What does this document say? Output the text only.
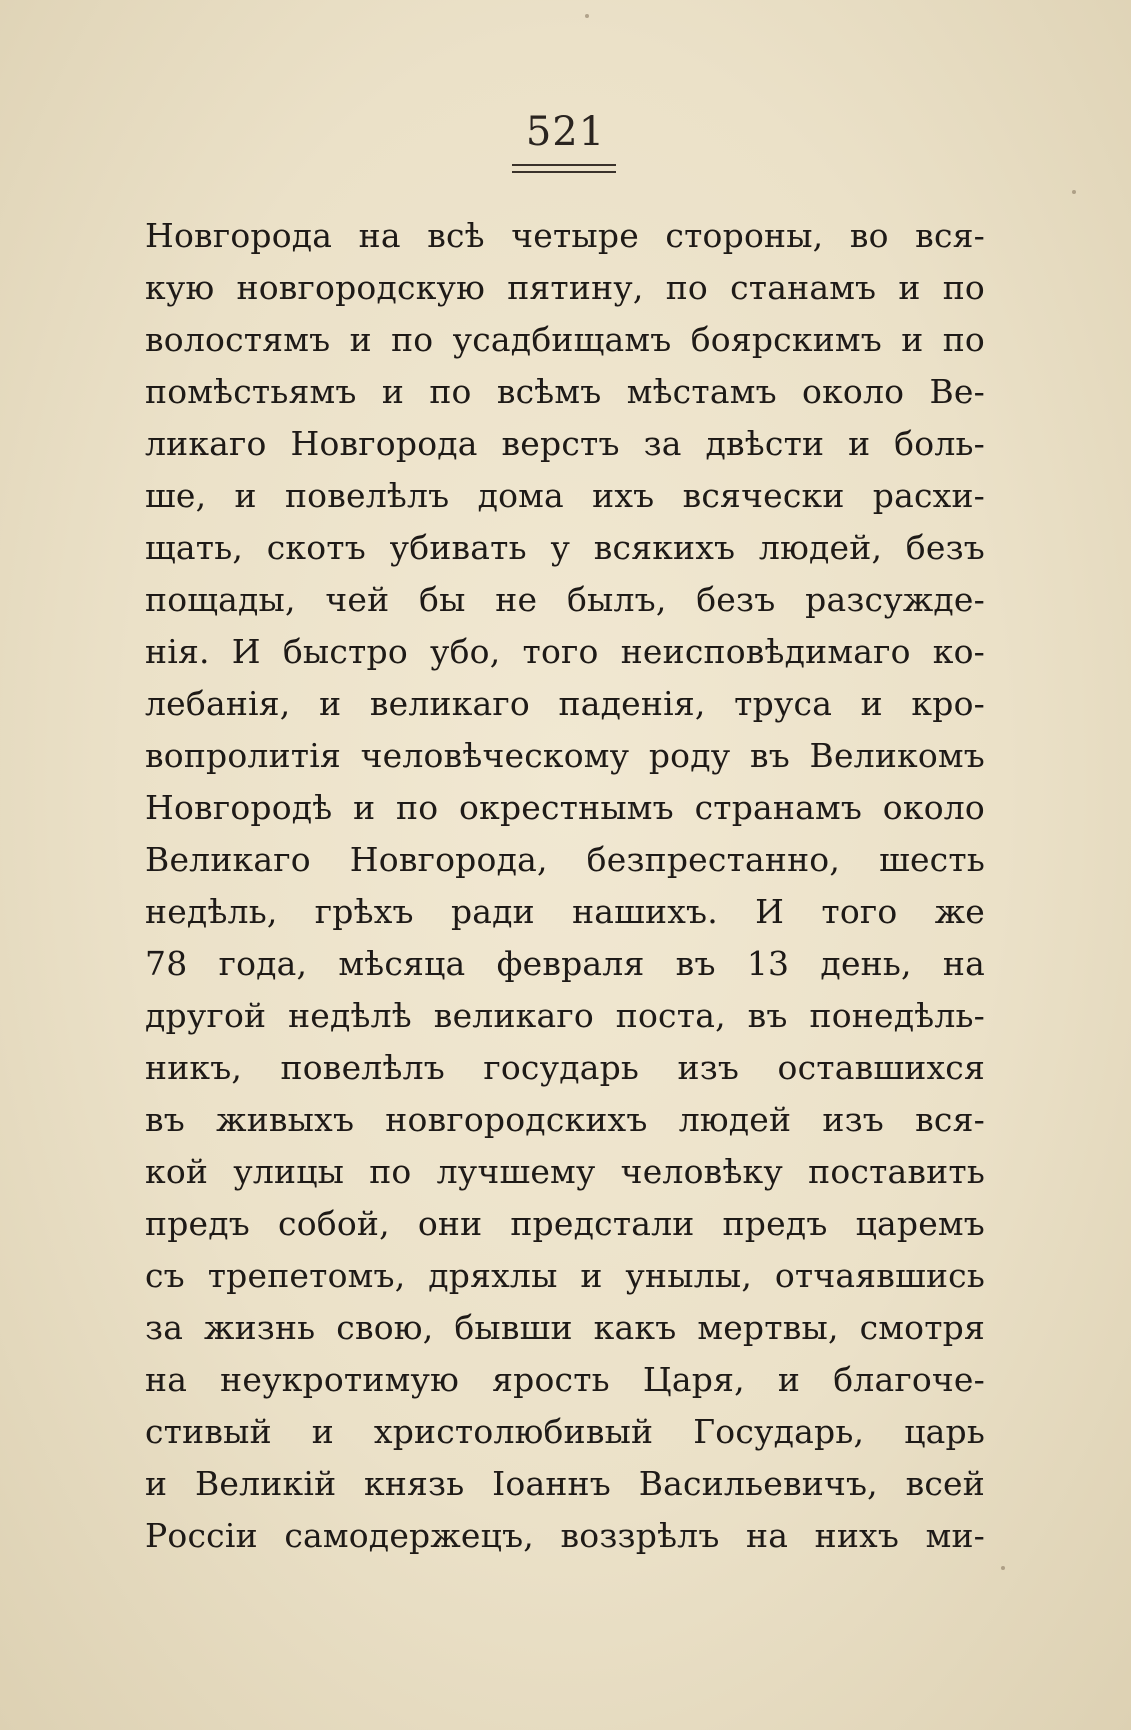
521
Новгорода на всѣ четыре стороны, во вся-
кую новгородскую пятину, по станамъ и по
волостямъ и по усадбищамъ боярскимъ и по
помѣстьямъ и по всѣмъ мѣстамъ около Ве-
ликаго Новгорода верстъ за двѣсти и боль-
ше, и повелѣлъ дома ихъ всячески расхи-
щать, скотъ убивать у всякихъ людей, безъ
пощады, чей бы не былъ, безъ разсужде-
нія. И быстро убо, того неисповѣдимаго ко-
лебанія, и великаго паденія, труса и кро-
вопролитія человѣческому роду въ Великомъ
Новгородѣ и по окрестнымъ странамъ около
Великаго Новгорода, безпрестанно, шесть
недѣль, грѣхъ ради нашихъ. И того же
78 года, мѣсяца февраля въ 13 день, на
другой недѣлѣ великаго поста, въ понедѣль-
никъ, повелѣлъ государь изъ оставшихся
въ живыхъ новгородскихъ людей изъ вся-
кой улицы по лучшему человѣку поставить
предъ собой, они предстали предъ царемъ
съ трепетомъ, дряхлы и унылы, отчаявшись
за жизнь свою, бывши какъ мертвы, смотря
на неукротимую ярость Царя, и благоче-
стивый и христолюбивый Государь, царь
и Великій князь Іоаннъ Васильевичъ, всей
Россіи самодержецъ, воззрѣлъ на нихъ ми-
